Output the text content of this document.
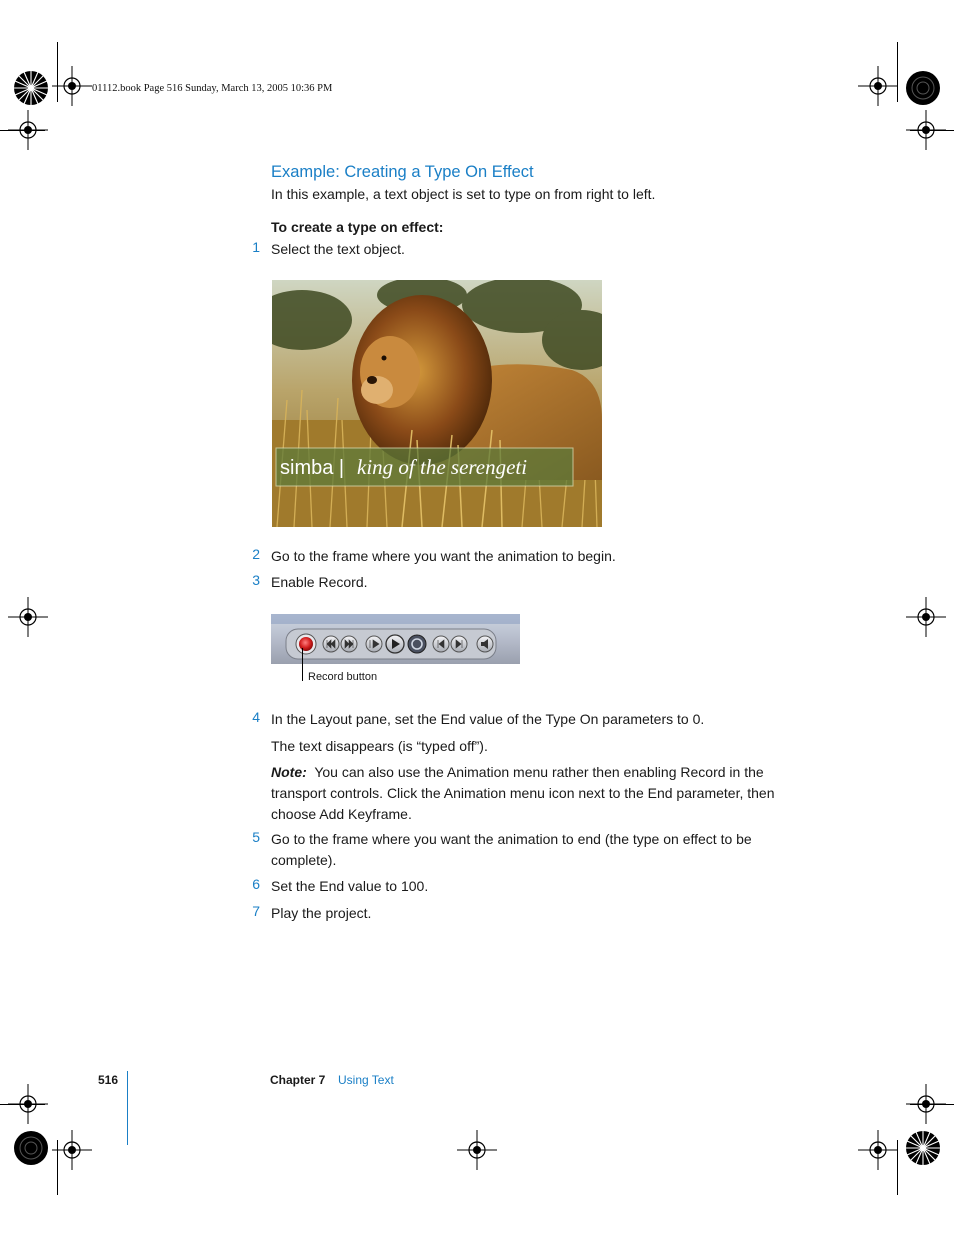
01112.book Page 516 Sunday, March 13, 2005 10:36 PM
Example: Creating a Type On Effect
In this example, a text object is set to type on from right to left.
To create a type on effect:
1 Select the text object.
simba | king of the serengeti
2 Go to the frame where you want the animation to begin.
3 Enable Record.
Record button
4 In the Layout pane, set the End value of the Type On parameters to 0.
The text disappears (is “typed off”).
Note: You can also use the Animation menu rather then enabling Record in the transport controls. Click the Animation menu icon next to the End parameter, then choose Add Keyframe.
5 Go to the frame where you want the animation to end (the type on effect to be complete).
6 Set the End value to 100.
7 Play the project.
516	Chapter 7 Using Text
